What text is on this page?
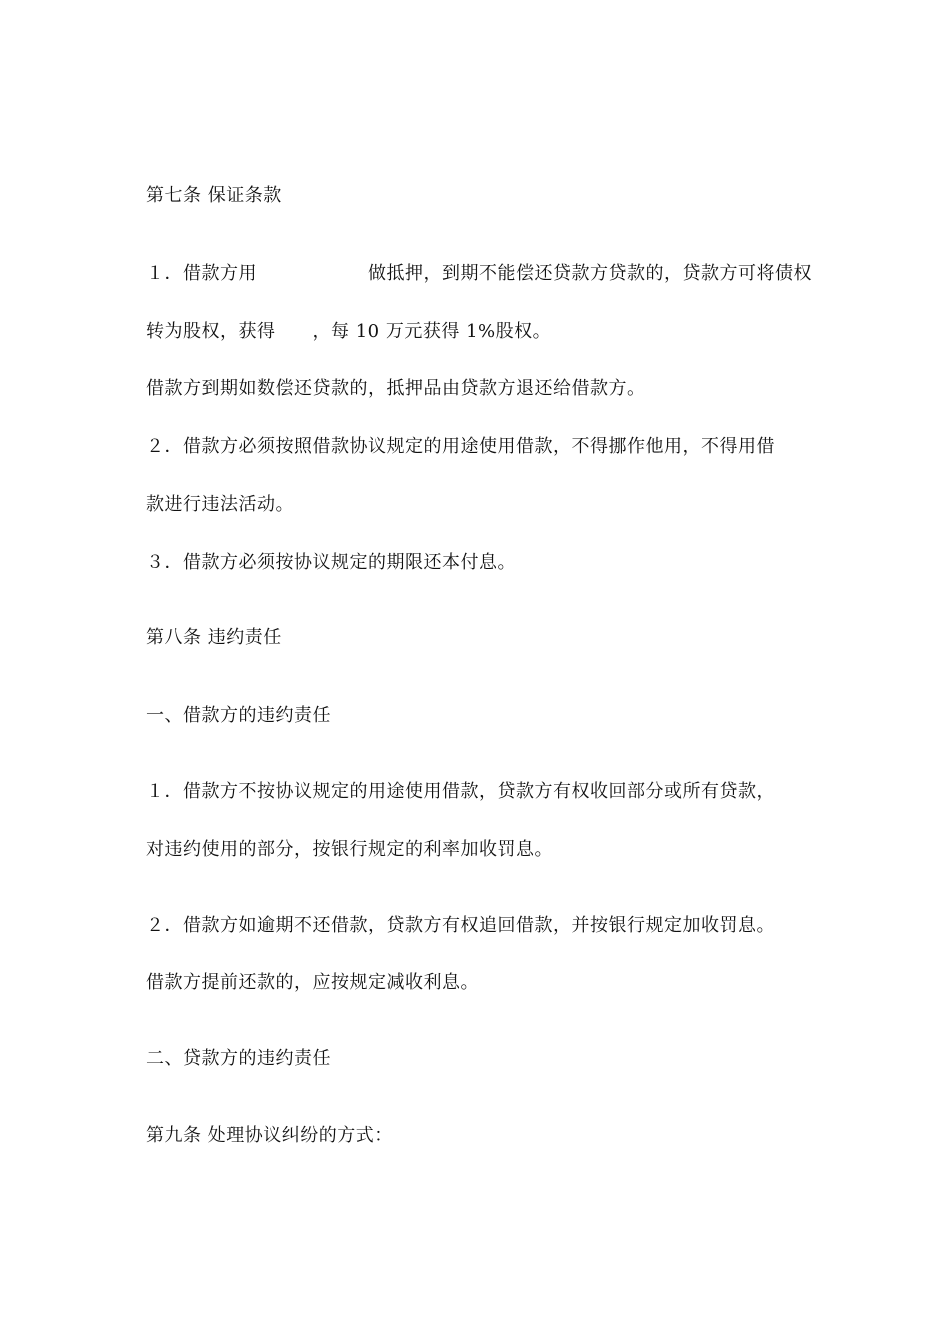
第七条 保证条款
１．借款方用　　　　　　做抵押，到期不能偿还贷款方贷款的，贷款方可将债权
转为股权，获得　　，每 10 万元获得 1%股权。
借款方到期如数偿还贷款的，抵押品由贷款方退还给借款方。
２．借款方必须按照借款协议规定的用途使用借款，不得挪作他用，不得用借
款进行违法活动。
３．借款方必须按协议规定的期限还本付息。
第八条 违约责任
一、借款方的违约责任
１．借款方不按协议规定的用途使用借款，贷款方有权收回部分或所有贷款，
对违约使用的部分，按银行规定的利率加收罚息。
２．借款方如逾期不还借款，贷款方有权追回借款，并按银行规定加收罚息。
借款方提前还款的，应按规定减收利息。
二、贷款方的违约责任
第九条 处理协议纠纷的方式：
